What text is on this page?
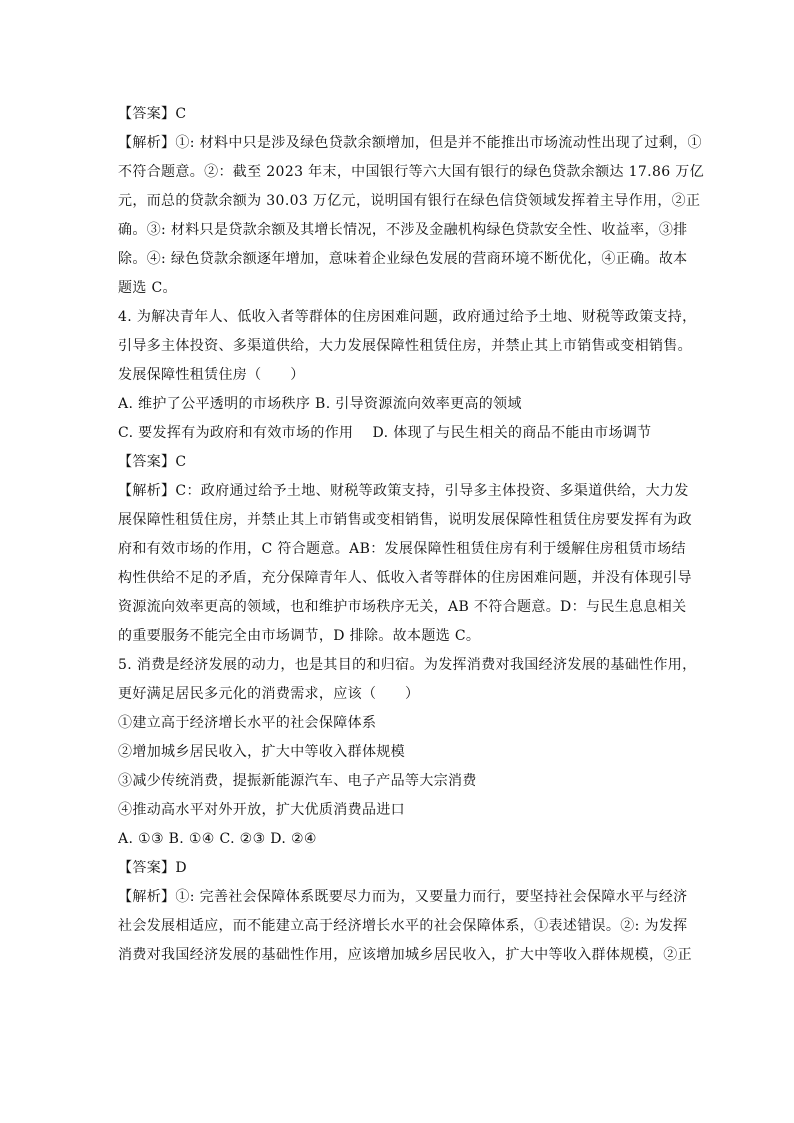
【答案】C
【解析】①: 材料中只是涉及绿色贷款余额增加，但是并不能推出市场流动性出现了过剩，①
不符合题意。②：截至 2023 年末，中国银行等六大国有银行的绿色贷款余额达 17.86 万亿
元，而总的贷款余额为 30.03 万亿元，说明国有银行在绿色信贷领域发挥着主导作用，②正
确。③: 材料只是贷款余额及其增长情况，不涉及金融机构绿色贷款安全性、收益率，③排
除。④: 绿色贷款余额逐年增加，意味着企业绿色发展的营商环境不断优化，④正确。故本
题选 C。
4. 为解决青年人、低收入者等群体的住房困难问题，政府通过给予土地、财税等政策支持，
引导多主体投资、多渠道供给，大力发展保障性租赁住房，并禁止其上市销售或变相销售。
发展保障性租赁住房（　　）
A. 维护了公平透明的市场秩序 B. 引导资源流向效率更高的领域
C. 要发挥有为政府和有效市场的作用　 D. 体现了与民生相关的商品不能由市场调节
【答案】C
【解析】C：政府通过给予土地、财税等政策支持，引导多主体投资、多渠道供给，大力发
展保障性租赁住房，并禁止其上市销售或变相销售，说明发展保障性租赁住房要发挥有为政
府和有效市场的作用，C 符合题意。AB：发展保障性租赁住房有利于缓解住房租赁市场结
构性供给不足的矛盾，充分保障青年人、低收入者等群体的住房困难问题，并没有体现引导
资源流向效率更高的领域，也和维护市场秩序无关，AB 不符合题意。D：与民生息息相关
的重要服务不能完全由市场调节，D 排除。故本题选 C。
5. 消费是经济发展的动力，也是其目的和归宿。为发挥消费对我国经济发展的基础性作用，
更好满足居民多元化的消费需求，应该（　　）
①建立高于经济增长水平的社会保障体系
②增加城乡居民收入，扩大中等收入群体规模
③减少传统消费，提振新能源汽车、电子产品等大宗消费
④推动高水平对外开放，扩大优质消费品进口
A. ①③ B. ①④ C. ②③ D. ②④
【答案】D
【解析】①: 完善社会保障体系既要尽力而为，又要量力而行，要坚持社会保障水平与经济
社会发展相适应，而不能建立高于经济增长水平的社会保障体系，①表述错误。②: 为发挥
消费对我国经济发展的基础性作用，应该增加城乡居民收入，扩大中等收入群体规模，②正
